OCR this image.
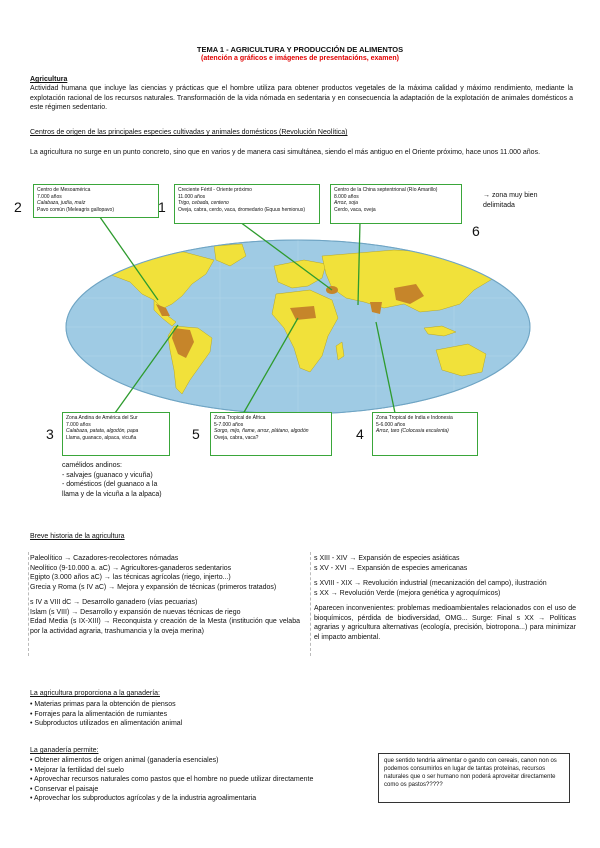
TEMA 1 - AGRICULTURA Y PRODUCCIÓN DE ALIMENTOS
(atención a gráficos e imágenes de presentacións, examen)
Agricultura
Actividad humana que incluye las ciencias y prácticas que el hombre utiliza para obtener productos vegetales de la máxima calidad y máximo rendimiento, mediante la explotación racional de los recursos naturales. Transformación de la vida nómada en sedentaria y en consecuencia la adaptación de la explotación de animales domésticos a este régimen sedentario.
Centros de origen de las principales especies cultivadas y animales domésticos (Revolución Neolítica)
La agricultura no surge en un punto concreto, sino que en varios y de manera casi simultánea, siendo el más antiguo en el Oriente próximo, hace unos 11.000 años.
2
Centro de Mesoamérica
7.000 años
Calabaza, judía, maíz
Pavo común (Meleagris gallopavo)	1
Creciente Fértil - Oriente próximo
11.000 años
Trigo, cebada, centeno
Oveja, cabra, cerdo, vaca, dromedario (Equus hemionus)
Centro de la China septentrional (Río Amarillo)
8.000 años
Arroz, soja
Cerdo, vaca, oveja
6
→ zona muy bien
delimitada
3
Zona Andina de América del Sur
7.000 años
Calabaza, patata, algodón, papa
Llama, guanaco, alpaca, vicuña	5
Zona Tropical de África
5-7.000 años
Sorgo, mijo, ñame, arroz, plátano, algodón
Oveja, cabra, vaca?
Zona Tropical de India e Indonesia
5-6.000 años
Arroz, taro (Colocasia esculenta)
4
camélidos andinos:
- salvajes (guanaco y vicuña)
- domésticos (del guanaco a la llama y de la vicuña a la alpaca)
Breve historia de la agricultura

Paleolítico → Cazadores-recolectores nómadas

Neolítico (9-10.000 a. aC) → Agricultores-ganaderos sedentarios

Egipto (3.000 años aC) → las técnicas agrícolas (riego, injerto...)

Grecia y Roma (s IV aC) → Mejora y expansión de técnicas (primeros tratados)

s IV a VIII dC → Desarrollo ganadero (vías pecuarias)

Islam (s VIII) → Desarrollo y expansión de nuevas técnicas de riego

Edad Media (s IX-XIII) → Reconquista y creación de la Mesta (institución que velaba por la actividad agraria, trashumancia y la oveja merina)

s XIII - XIV → Expansión de especies asiáticas

s XV - XVI → Expansión de especies americanas

s XVIII - XIX → Revolución industrial (mecanización del campo), ilustración

s XX → Revolución Verde (mejora genética y agroquímicos)

Aparecen inconvenientes: problemas medioambientales relacionados con el uso de bioquímicos, pérdida de biodiversidad, OMG... Surge: Final s XX → Políticas agrarias y agricultura alternativas (ecología, precisión, biotropona...) para minimizar el impacto ambiental.

La agricultura proporciona a la ganadería:

• Materias primas para la obtención de piensos

• Forrajes para la alimentación de rumiantes

• Subproductos utilizados en alimentación animal

La ganadería permite:

• Obtener alimentos de origen animal (ganadería esenciales)

• Mejorar la fertilidad del suelo

• Aprovechar recursos naturales como pastos que el hombre no puede utilizar directamente

• Conservar el paisaje

• Aprovechar los subproductos agrícolas y de la industria agroalimentaria

que sentido tendría alimentar o gando con cereais, canon non os podemos consumirlos en lugar de tantas proteínas, recursos naturales que o ser humano non poderá aproveitar directamente como os pastos?????
